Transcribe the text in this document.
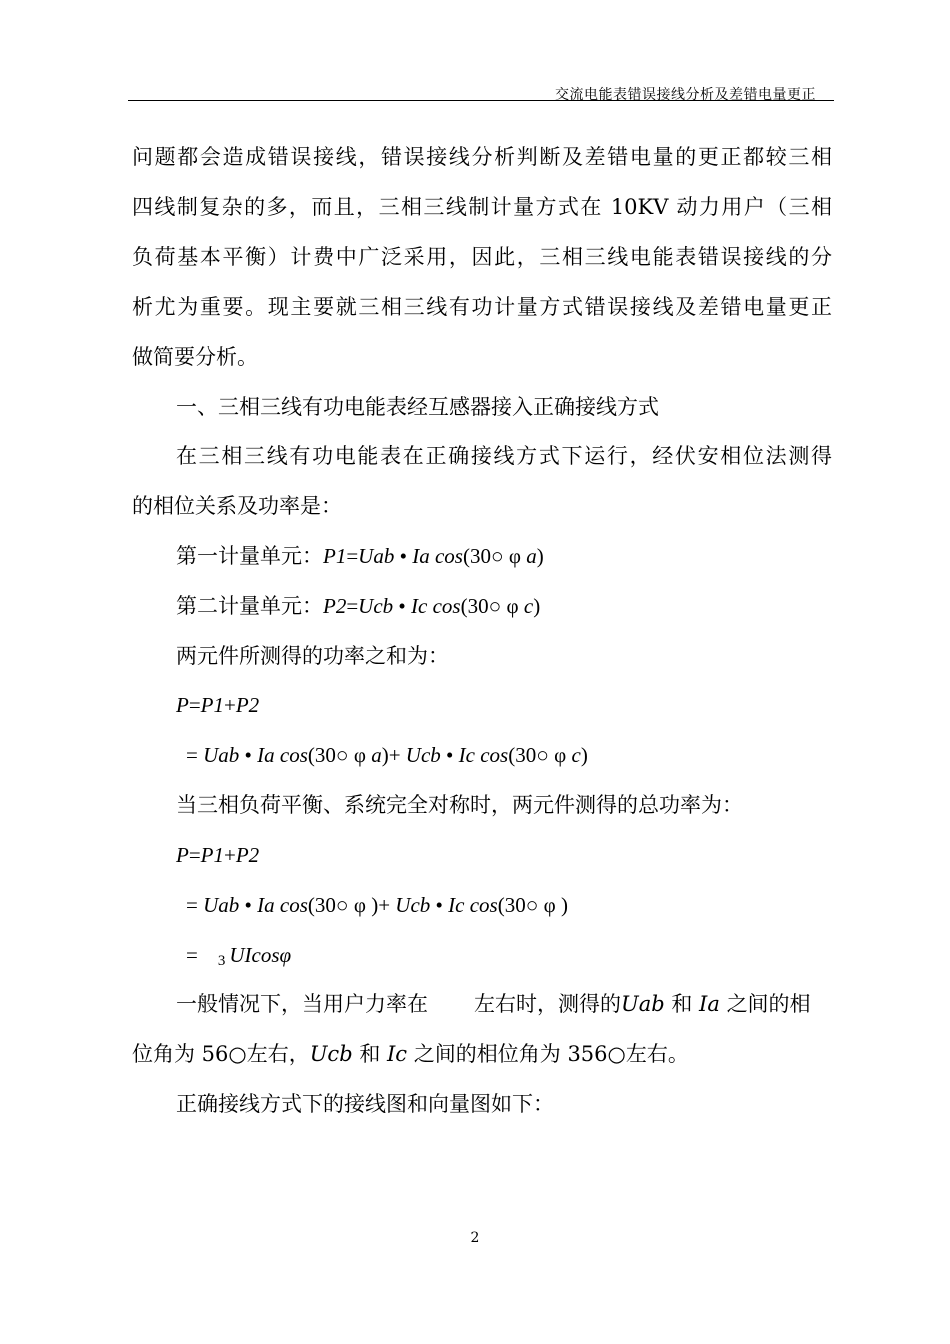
交流电能表错误接线分析及差错电量更正
问题都会造成错误接线，错误接线分析判断及差错电量的更正都较三相
四线制复杂的多，而且，三相三线制计量方式在 10KV 动力用户（三相
负荷基本平衡）计费中广泛采用，因此，三相三线电能表错误接线的分
析尤为重要。现主要就三相三线有功计量方式错误接线及差错电量更正
做简要分析。
一、三相三线有功电能表经互感器接入正确接线方式
在三相三线有功电能表在正确接线方式下运行，经伏安相位法测得
的相位关系及功率是：
第一计量单元：P1=Uab • Ia cos(30○ φ a)
第二计量单元：P2=Ucb • Ic cos(30○ φ c)
两元件所测得的功率之和为：
P=P1+P2
= Uab • Ia cos(30○ φ a)+ Ucb • Ic cos(30○ φ c)
当三相负荷平衡、系统完全对称时，两元件测得的总功率为：
P=P1+P2
= Uab • Ia cos(30○ φ )+ Ucb • Ic cos(30○ φ )
= 3 UIcosφ
一般情况下，当用户力率在 左右时，测得的Uab 和 Ia 之间的相
位角为 56○左右，Ucb 和 Ic 之间的相位角为 356○左右。
正确接线方式下的接线图和向量图如下：
2
